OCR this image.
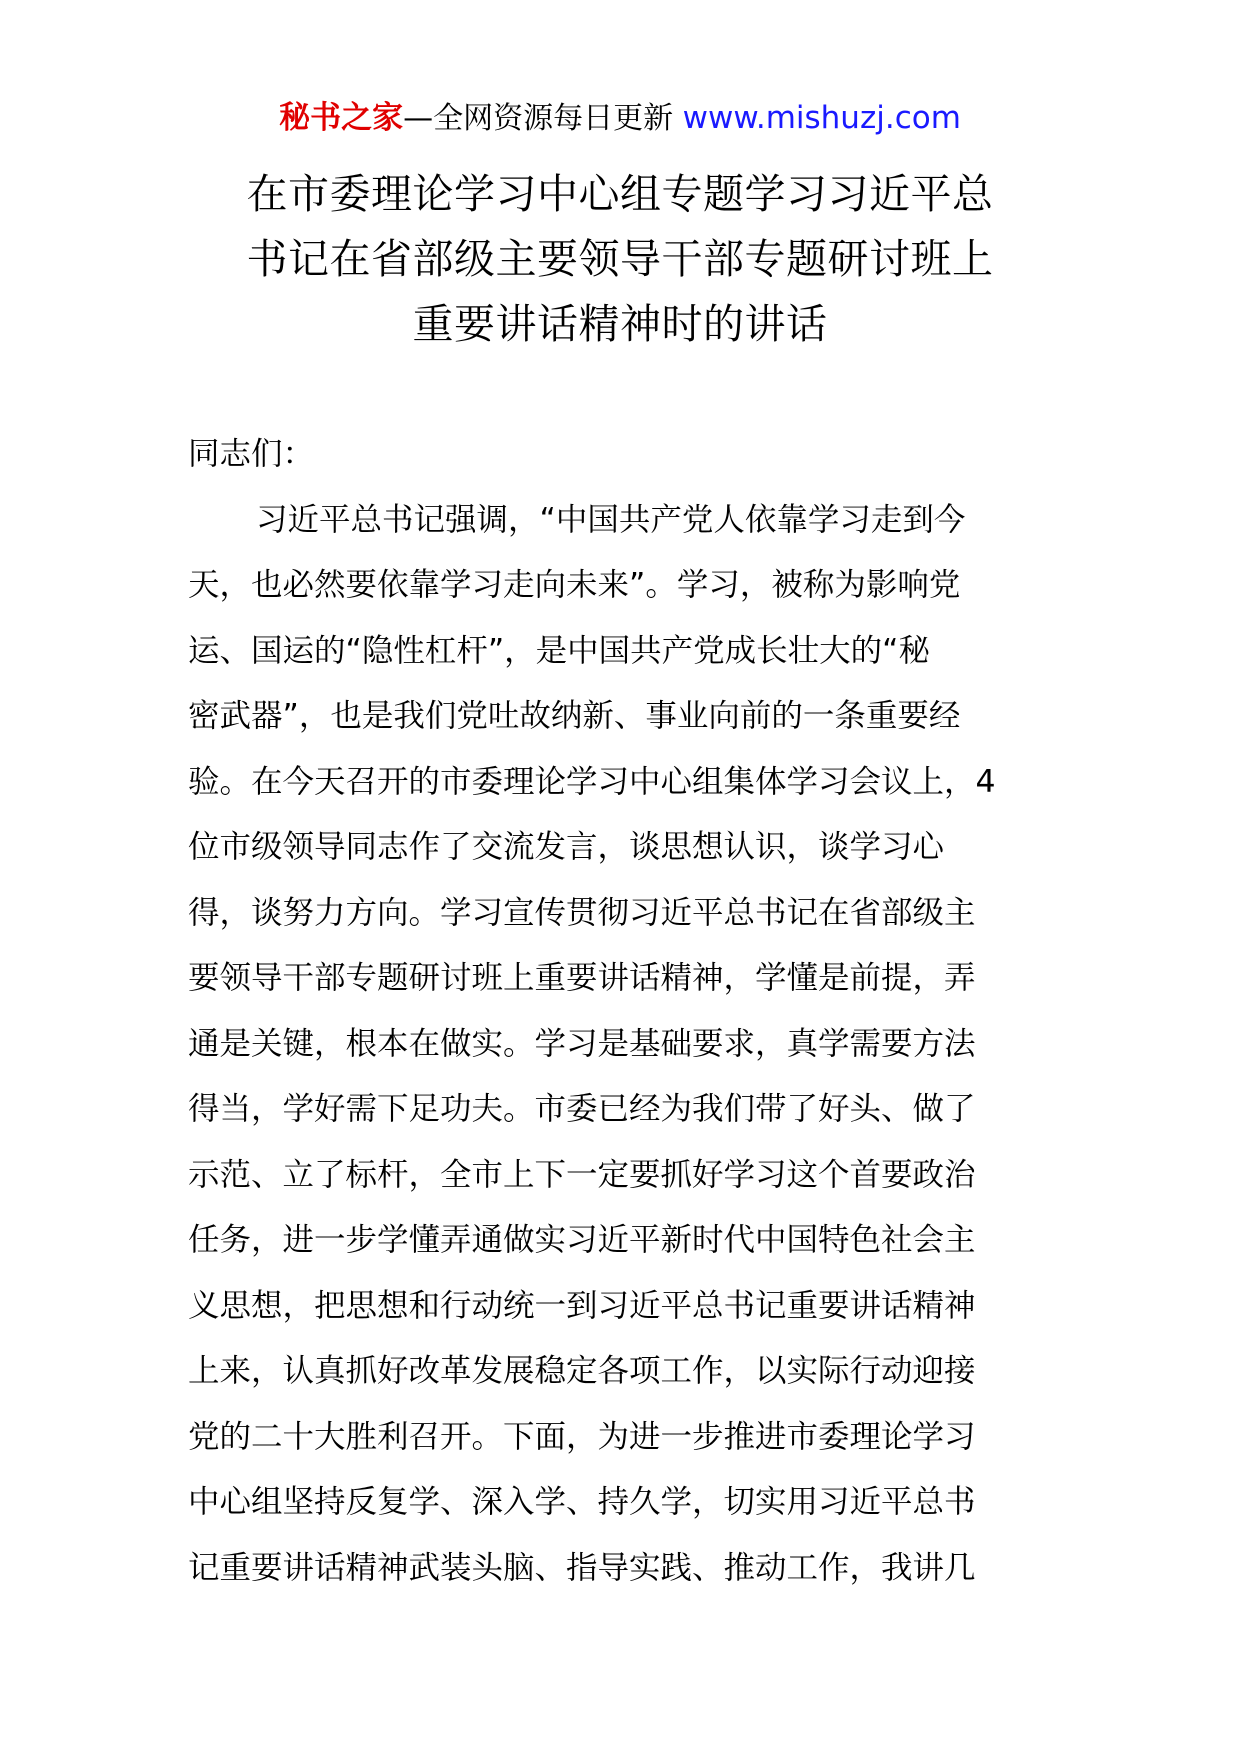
秘书之家—全网资源每日更新 www.mishuzj.com
在市委理论学习中心组专题学习习近平总
书记在省部级主要领导干部专题研讨班上
重要讲话精神时的讲话
同志们：
习近平总书记强调，“中国共产党人依靠学习走到今
天，也必然要依靠学习走向未来”。学习，被称为影响党
运、国运的“隐性杠杆”，是中国共产党成长壮大的“秘
密武器”，也是我们党吐故纳新、事业向前的一条重要经
验。在今天召开的市委理论学习中心组集体学习会议上，4
位市级领导同志作了交流发言，谈思想认识，谈学习心
得，谈努力方向。学习宣传贯彻习近平总书记在省部级主
要领导干部专题研讨班上重要讲话精神，学懂是前提，弄
通是关键，根本在做实。学习是基础要求，真学需要方法
得当，学好需下足功夫。市委已经为我们带了好头、做了
示范、立了标杆，全市上下一定要抓好学习这个首要政治
任务，进一步学懂弄通做实习近平新时代中国特色社会主
义思想，把思想和行动统一到习近平总书记重要讲话精神
上来，认真抓好改革发展稳定各项工作，以实际行动迎接
党的二十大胜利召开。下面，为进一步推进市委理论学习
中心组坚持反复学、深入学、持久学，切实用习近平总书
记重要讲话精神武装头脑、指导实践、推动工作，我讲几
